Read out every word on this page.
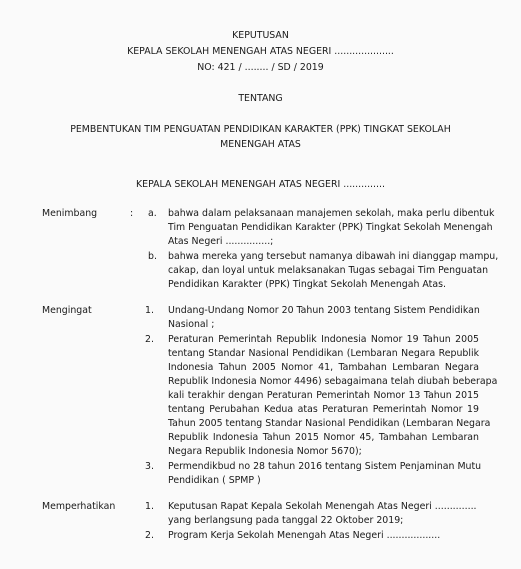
KEPUTUSAN
KEPALA SEKOLAH MENENGAH ATAS NEGERI ....................
NO: 421 / ........ / SD / 2019
TENTANG
PEMBENTUKAN TIM PENGUATAN PENDIDIKAN KARAKTER (PPK) TINGKAT SEKOLAH
MENENGAH ATAS
KEPALA SEKOLAH MENENGAH ATAS NEGERI ..............
Menimbang	: a. bahwa dalam pelaksanaan manajemen sekolah, maka perlu dibentuk
Tim Penguatan Pendidikan Karakter (PPK) Tingkat Sekolah Menengah
Atas Negeri ...............;
b. bahwa mereka yang tersebut namanya dibawah ini dianggap mampu,
cakap, dan loyal untuk melaksanakan Tugas sebagai Tim Penguatan
Pendidikan Karakter (PPK) Tingkat Sekolah Menengah Atas.
Mengingat	1. Undang-Undang Nomor 20 Tahun 2003 tentang Sistem Pendidikan
Nasional ;
2. Peraturan Pemerintah Republik Indonesia Nomor 19 Tahun 2005
tentang Standar Nasional Pendidikan (Lembaran Negara Republik
Indonesia Tahun 2005 Nomor 41, Tambahan Lembaran Negara
Republik Indonesia Nomor 4496) sebagaimana telah diubah beberapa
kali terakhir dengan Peraturan Pemerintah Nomor 13 Tahun 2015
tentang Perubahan Kedua atas Peraturan Pemerintah Nomor 19
Tahun 2005 tentang Standar Nasional Pendidikan (Lembaran Negara
Republik Indonesia Tahun 2015 Nomor 45, Tambahan Lembaran
Negara Republik Indonesia Nomor 5670);
3. Permendikbud no 28 tahun 2016 tentang Sistem Penjaminan Mutu
Pendidikan ( SPMP )
Memperhatikan	1. Keputusan Rapat Kepala Sekolah Menengah Atas Negeri ..............
yang berlangsung pada tanggal 22 Oktober 2019;
2. Program Kerja Sekolah Menengah Atas Negeri ..................
